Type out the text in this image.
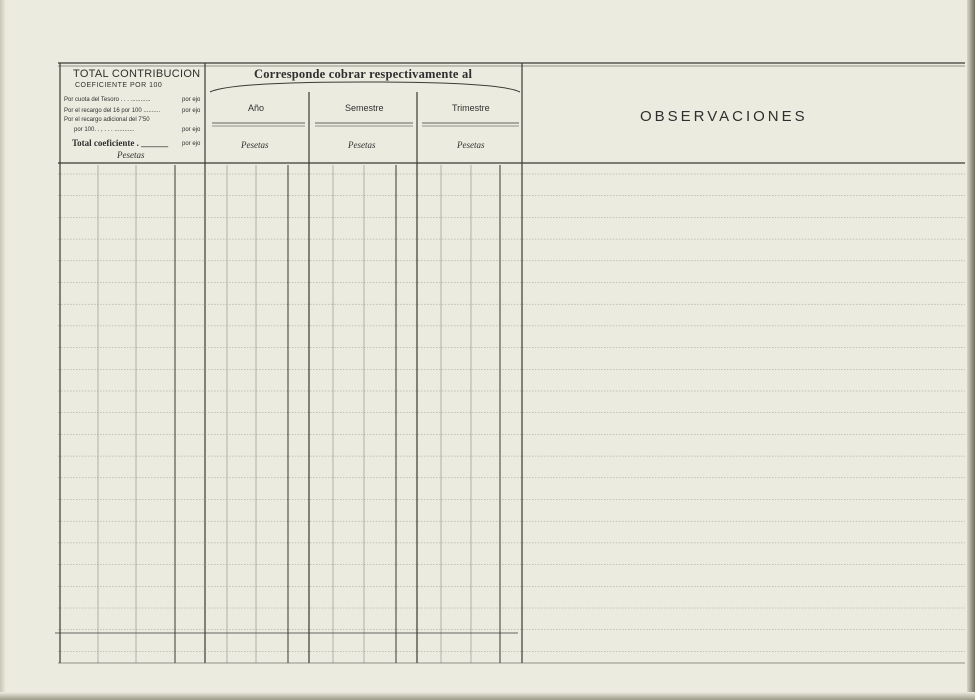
TOTAL CONTRIBUCION
COEFICIENTE POR 100
Por cuota del Tesoro . . . ............	por ejo
Por el recargo del 16 por 100 ..........	por ejo
Por el recargo adicional del 7'50
por 100. . , . . . ............	por ejo
Total coeficiente . ______ por ejo
Pesetas
Corresponde cobrar respectivamente al
Año	Semestre	Trimestre
Pesetas	Pesetas	Pesetas
OBSERVACIONES
